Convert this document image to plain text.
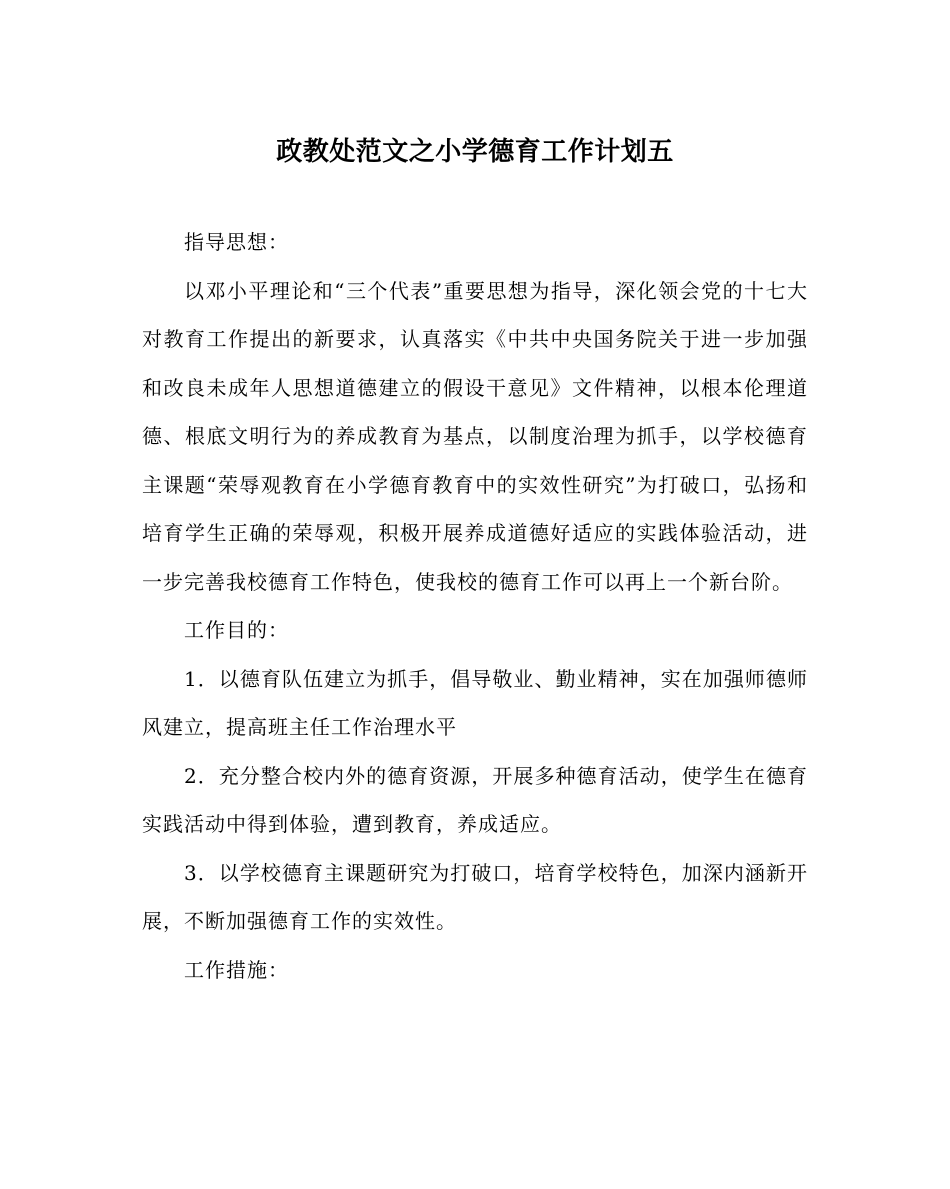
政教处范文之小学德育工作计划五

指导思想：

以邓小平理论和“三个代表”重要思想为指导，深化领会党的十七大对教育工作提出的新要求，认真落实《中共中央国务院关于进一步加强和改良未成年人思想道德建立的假设干意见》文件精神，以根本伦理道德、根底文明行为的养成教育为基点，以制度治理为抓手，以学校德育主课题“荣辱观教育在小学德育教育中的实效性研究”为打破口，弘扬和培育学生正确的荣辱观，积极开展养成道德好适应的实践体验活动，进一步完善我校德育工作特色，使我校的德育工作可以再上一个新台阶。

工作目的：

1．以德育队伍建立为抓手，倡导敬业、勤业精神，实在加强师德师风建立，提高班主任工作治理水平

2．充分整合校内外的德育资源，开展多种德育活动，使学生在德育实践活动中得到体验，遭到教育，养成适应。

3．以学校德育主课题研究为打破口，培育学校特色，加深内涵新开展，不断加强德育工作的实效性。

工作措施：
